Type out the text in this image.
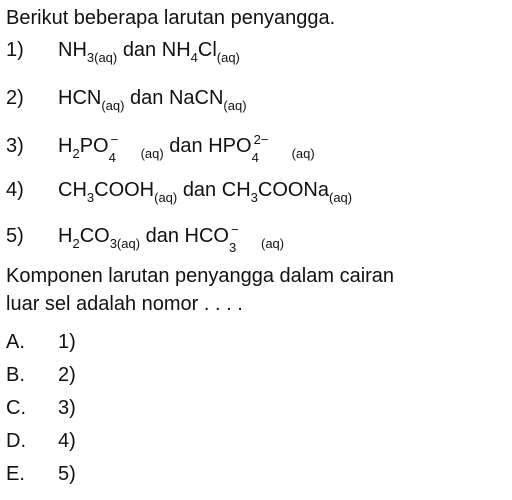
Berikut beberapa larutan penyangga.
1)	$NH_{3(aq)}$ dan $NH_4Cl_{(aq)}$
2)	$HCN_{(aq)}$ dan NaCN$_{(aq)}$
3)	$H_2PO$ −
4 $_{(aq)}$ dan HPO 2−
4	$_{(aq)}$
4)	$CH_3COOH_{(aq)}$ dan $CH_3COONa_{(aq)}$
5)	$H_2CO_{3(aq)}$ dan HCO −
3 $_{(aq)}$
Komponen larutan penyangga dalam cairan
luar sel adalah nomor . . . .
A. 1)
B. 2)
C. 3)
D. 4)
E. 5)
